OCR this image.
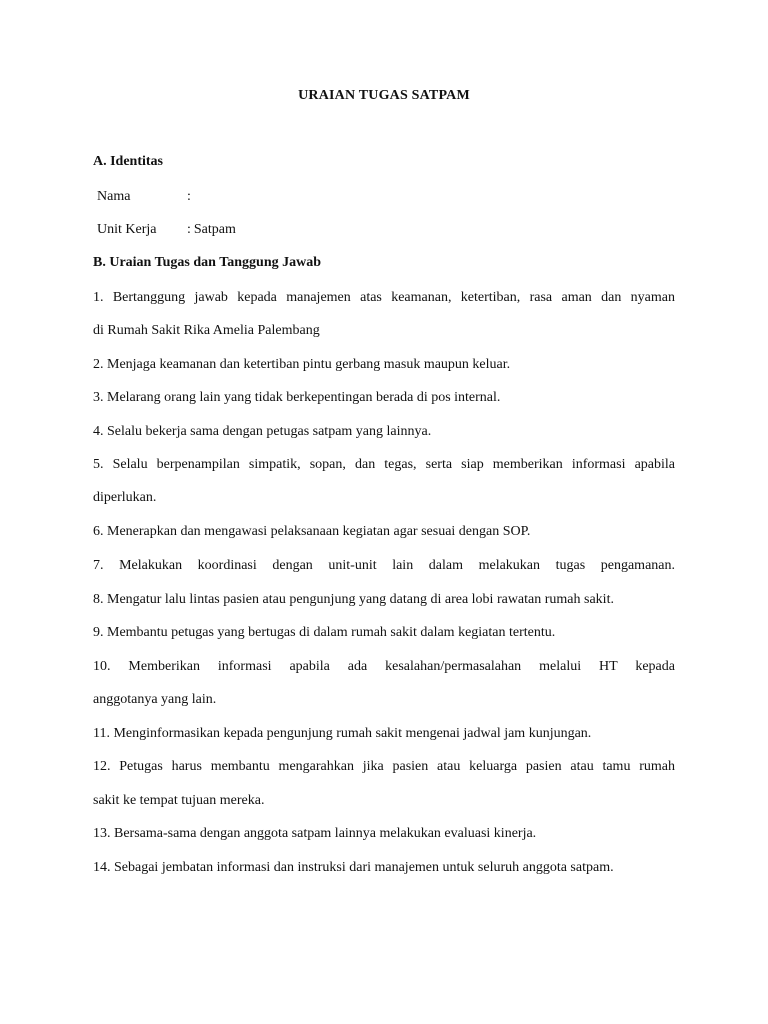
URAIAN TUGAS SATPAM
A. Identitas
Nama	:
Unit Kerja	: Satpam
B. Uraian Tugas dan Tanggung Jawab

1. Bertanggung jawab kepada manajemen atas keamanan, ketertiban, rasa aman dan nyaman

di Rumah Sakit Rika Amelia Palembang

2. Menjaga keamanan dan ketertiban pintu gerbang masuk maupun keluar.

3. Melarang orang lain yang tidak berkepentingan berada di pos internal.

4. Selalu bekerja sama dengan petugas satpam yang lainnya.

5. Selalu berpenampilan simpatik, sopan, dan tegas, serta siap memberikan informasi apabila

diperlukan.

6. Menerapkan dan mengawasi pelaksanaan kegiatan agar sesuai dengan SOP.

7. Melakukan koordinasi dengan unit-unit lain dalam melakukan tugas pengamanan.

8. Mengatur lalu lintas pasien atau pengunjung yang datang di area lobi rawatan rumah sakit.

9. Membantu petugas yang bertugas di dalam rumah sakit dalam kegiatan tertentu.

10. Memberikan informasi apabila ada kesalahan/permasalahan melalui HT kepada

anggotanya yang lain.

11. Menginformasikan kepada pengunjung rumah sakit mengenai jadwal jam kunjungan.

12. Petugas harus membantu mengarahkan jika pasien atau keluarga pasien atau tamu rumah

sakit ke tempat tujuan mereka.

13. Bersama-sama dengan anggota satpam lainnya melakukan evaluasi kinerja.

14. Sebagai jembatan informasi dan instruksi dari manajemen untuk seluruh anggota satpam.
